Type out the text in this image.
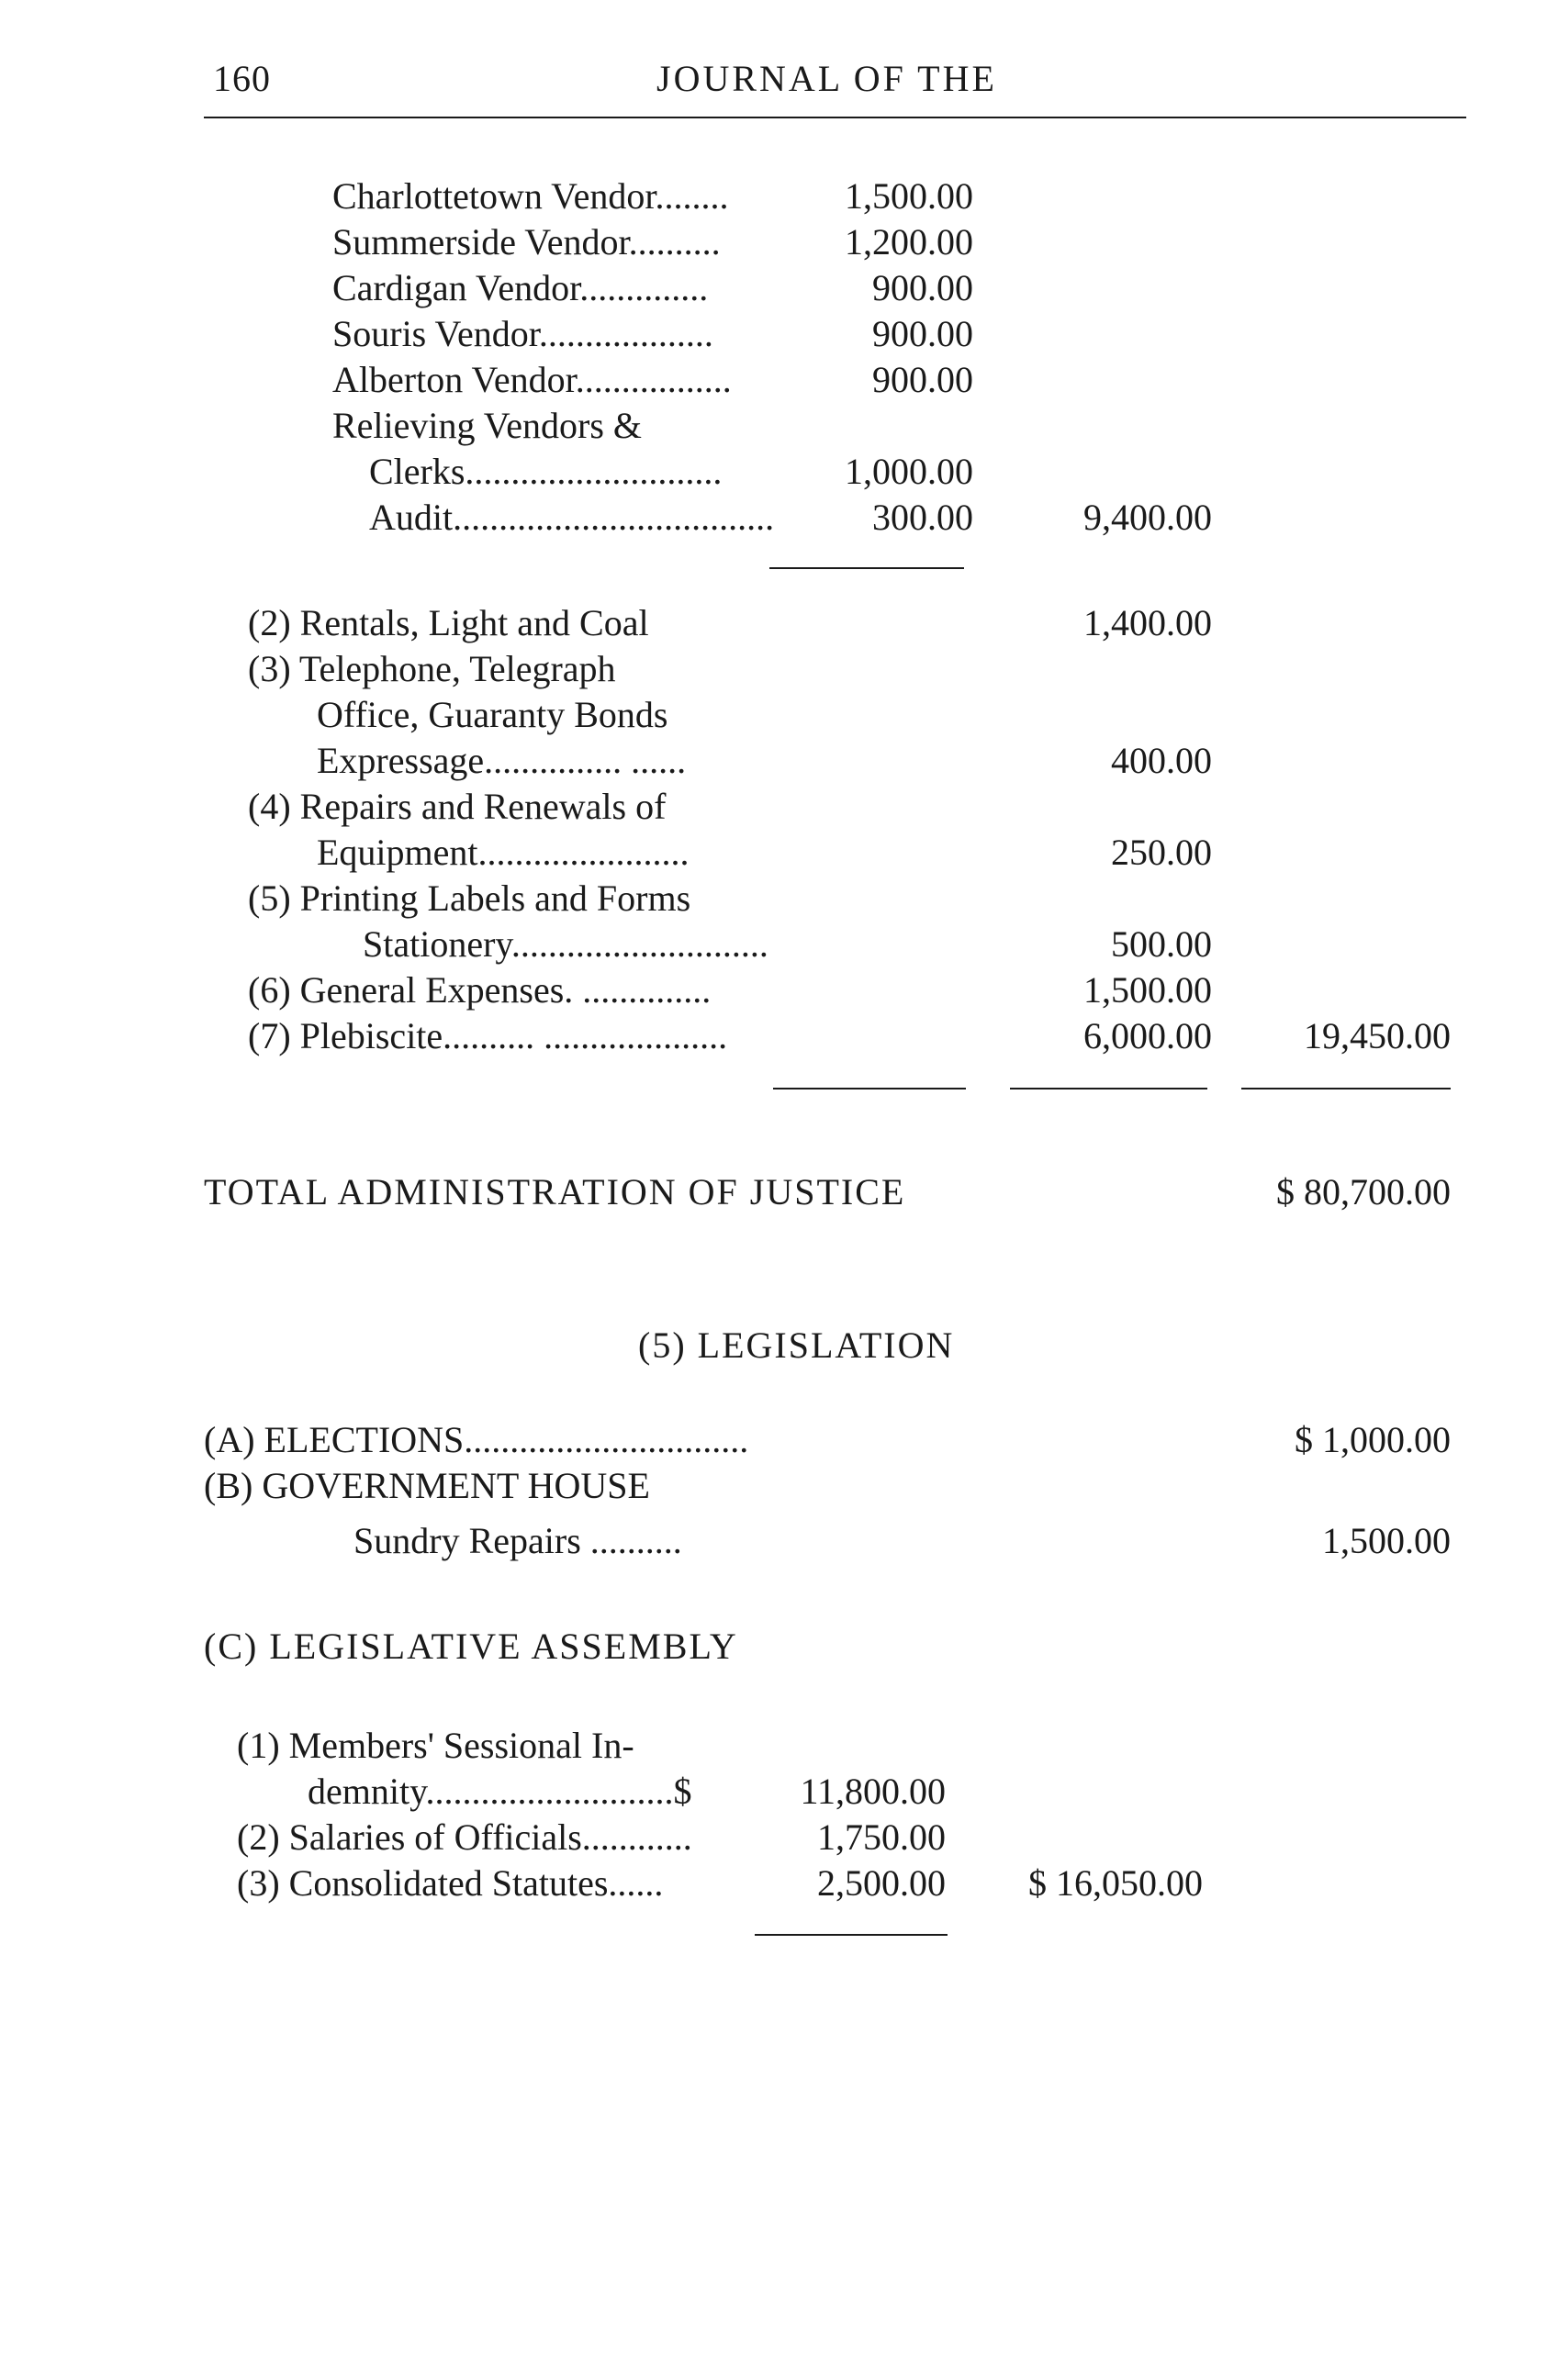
160	JOURNAL OF THE
Charlottetown Vendor........	1,500.00
Summerside Vendor..........	1,200.00
Cardigan Vendor..............	900.00
Souris Vendor...................	900.00
Alberton Vendor.................	900.00
Relieving Vendors &
Clerks............................	1,000.00
Audit...................................	300.00	9,400.00
(2) Rentals, Light and Coal	1,400.00
(3) Telephone, Telegraph
Office, Guaranty Bonds
Expressage............... ......	400.00
(4) Repairs and Renewals of
Equipment.......................	250.00
(5) Printing Labels and Forms
Stationery............................	500.00
(6) General Expenses. ..............	1,500.00
(7) Plebiscite.......... ....................	6,000.00	19,450.00
TOTAL ADMINISTRATION OF JUSTICE	$ 80,700.00
(5) LEGISLATION
(A) ELECTIONS...............................	$ 1,000.00
(B) GOVERNMENT HOUSE
Sundry Repairs ..........	1,500.00
(C) LEGISLATIVE ASSEMBLY
(1) Members' Sessional In-
demnity...........................$	11,800.00
(2) Salaries of Officials............	1,750.00
(3) Consolidated Statutes......	2,500.00	$ 16,050.00
